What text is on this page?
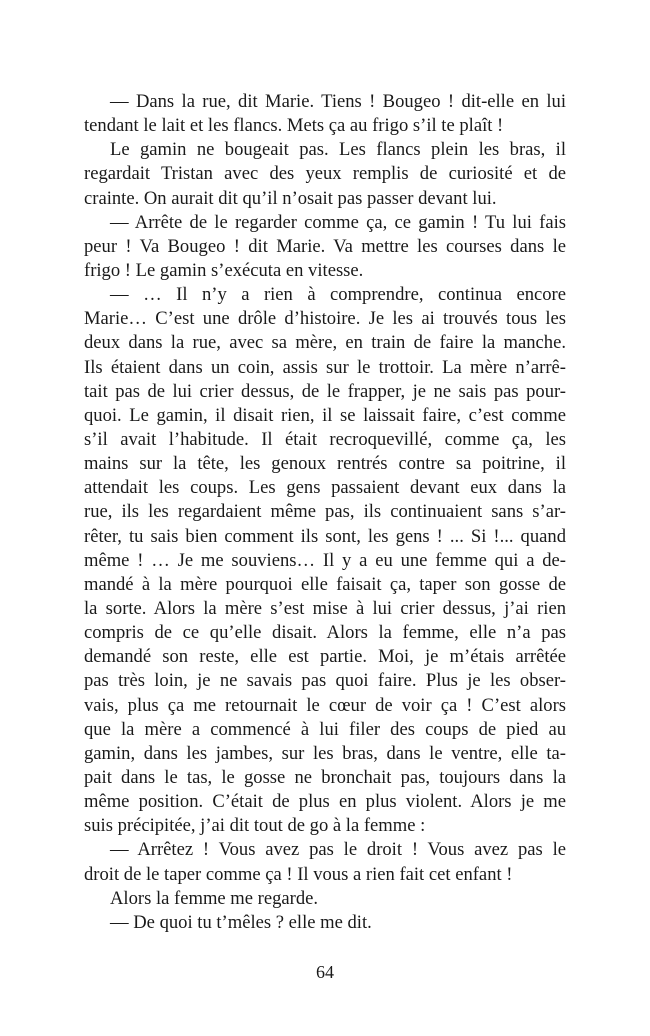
— Dans la rue, dit Marie. Tiens ! Bougeo ! dit-elle en lui
tendant le lait et les flancs. Mets ça au frigo s’il te plaît !
Le gamin ne bougeait pas. Les flancs plein les bras, il
regardait Tristan avec des yeux remplis de curiosité et de
crainte. On aurait dit qu’il n’osait pas passer devant lui.
— Arrête de le regarder comme ça, ce gamin ! Tu lui fais
peur ! Va Bougeo ! dit Marie. Va mettre les courses dans le
frigo ! Le gamin s’exécuta en vitesse.
— … Il n’y a rien à comprendre, continua encore
Marie… C’est une drôle d’histoire. Je les ai trouvés tous les
deux dans la rue, avec sa mère, en train de faire la manche.
Ils étaient dans un coin, assis sur le trottoir. La mère n’arrê-
tait pas de lui crier dessus, de le frapper, je ne sais pas pour-
quoi. Le gamin, il disait rien, il se laissait faire, c’est comme
s’il avait l’habitude. Il était recroquevillé, comme ça, les
mains sur la tête, les genoux rentrés contre sa poitrine, il
attendait les coups. Les gens passaient devant eux dans la
rue, ils les regardaient même pas, ils continuaient sans s’ar-
rêter, tu sais bien comment ils sont, les gens ! ... Si !... quand
même ! … Je me souviens… Il y a eu une femme qui a de-
mandé à la mère pourquoi elle faisait ça, taper son gosse de
la sorte. Alors la mère s’est mise à lui crier dessus, j’ai rien
compris de ce qu’elle disait. Alors la femme, elle n’a pas
demandé son reste, elle est partie. Moi, je m’étais arrêtée
pas très loin, je ne savais pas quoi faire. Plus je les obser-
vais, plus ça me retournait le cœur de voir ça ! C’est alors
que la mère a commencé à lui filer des coups de pied au
gamin, dans les jambes, sur les bras, dans le ventre, elle ta-
pait dans le tas, le gosse ne bronchait pas, toujours dans la
même position. C’était de plus en plus violent. Alors je me
suis précipitée, j’ai dit tout de go à la femme :
— Arrêtez ! Vous avez pas le droit ! Vous avez pas le
droit de le taper comme ça ! Il vous a rien fait cet enfant !
Alors la femme me regarde.
— De quoi tu t’mêles ? elle me dit.
64
